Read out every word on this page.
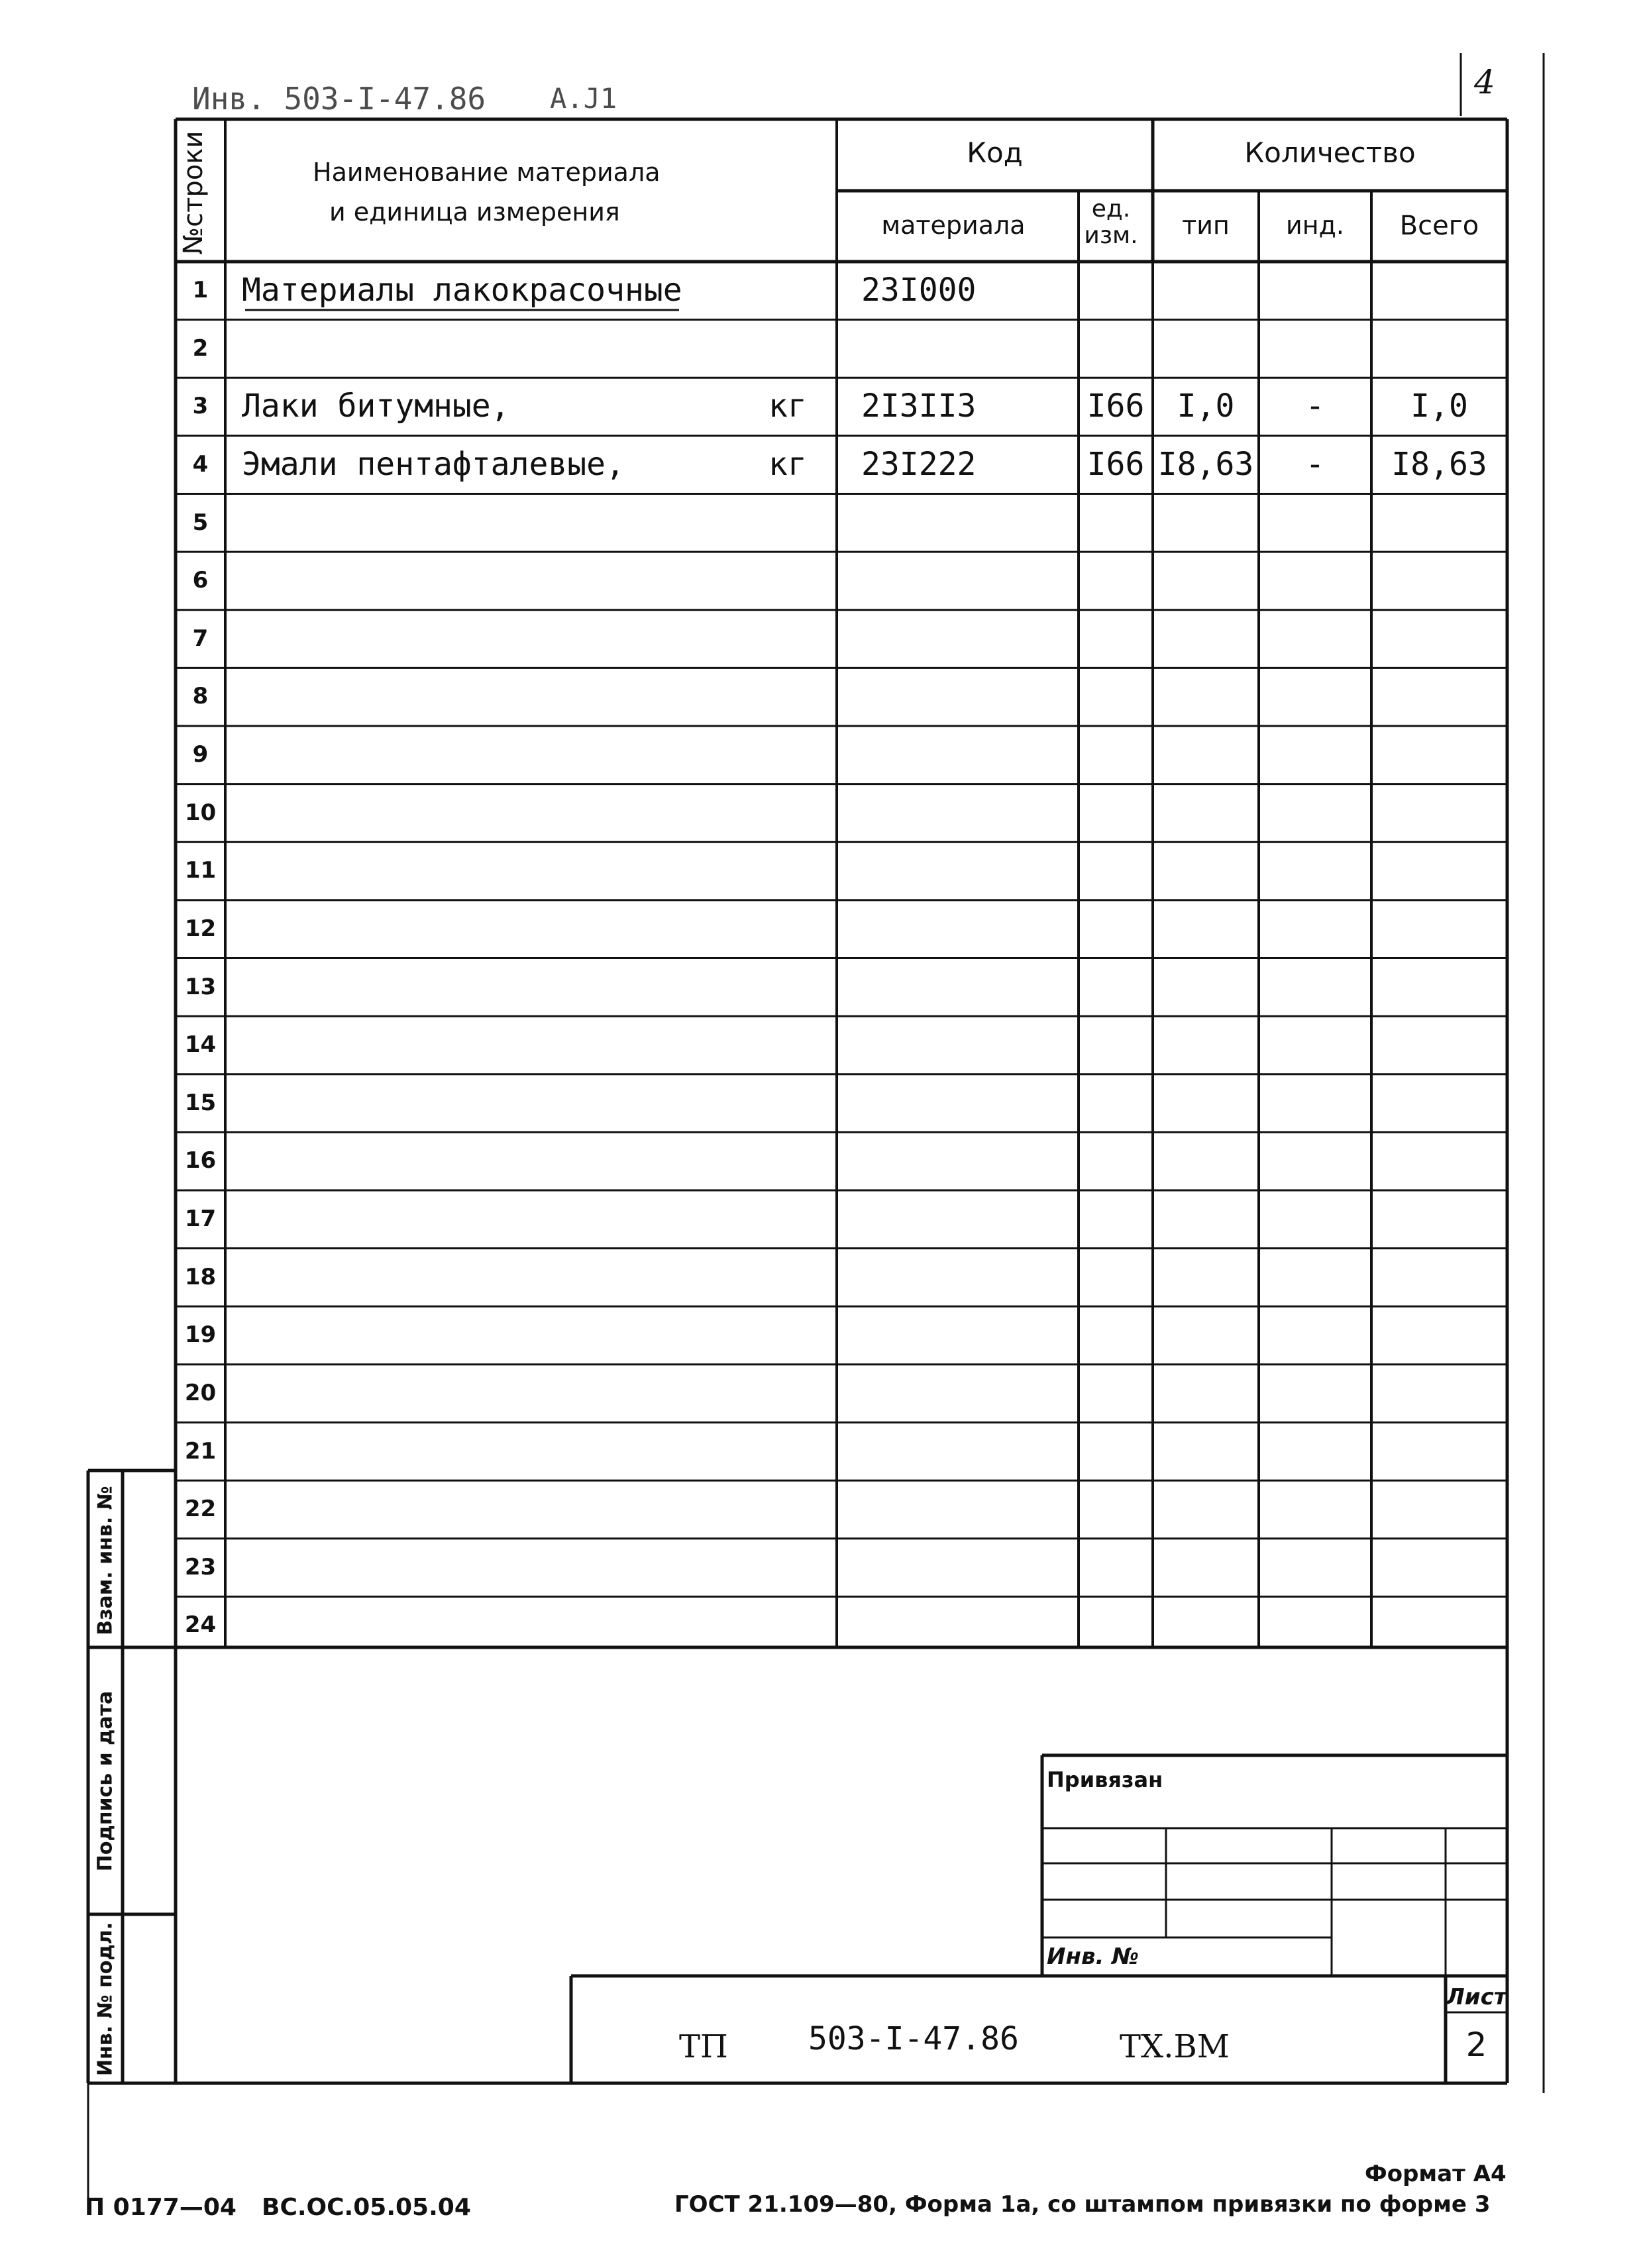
4
Инв. 503-I-47.86 А.Ј1
№строки	Наименование материала
и единица измерения
Код	Количество
материала
ед. изм.	тип	инд.	Всего
1	Материалы лакокрасочные	23I000
2
3	Лаки битумные,	кг	2I3II3	I66	I,0	-	I,0
4	Эмали пентафталевые,	кг	23I222	I66 I8,63	-	I8,63
5
6
7
8
9
10
11
12
13
14
15
16
17
18
19
20
21
22
23
24
Взам. инв. №
Подпись и дата
Инв. № подл.
Привязан
Инв. №
ТП	503-I-47.86	ТХ.ВМ
Лист
2
Формат А4
П 0177—04 ВС.ОС.05.05.04	ГОСТ 21.109—80, Форма 1а, со штампом привязки по форме 3
